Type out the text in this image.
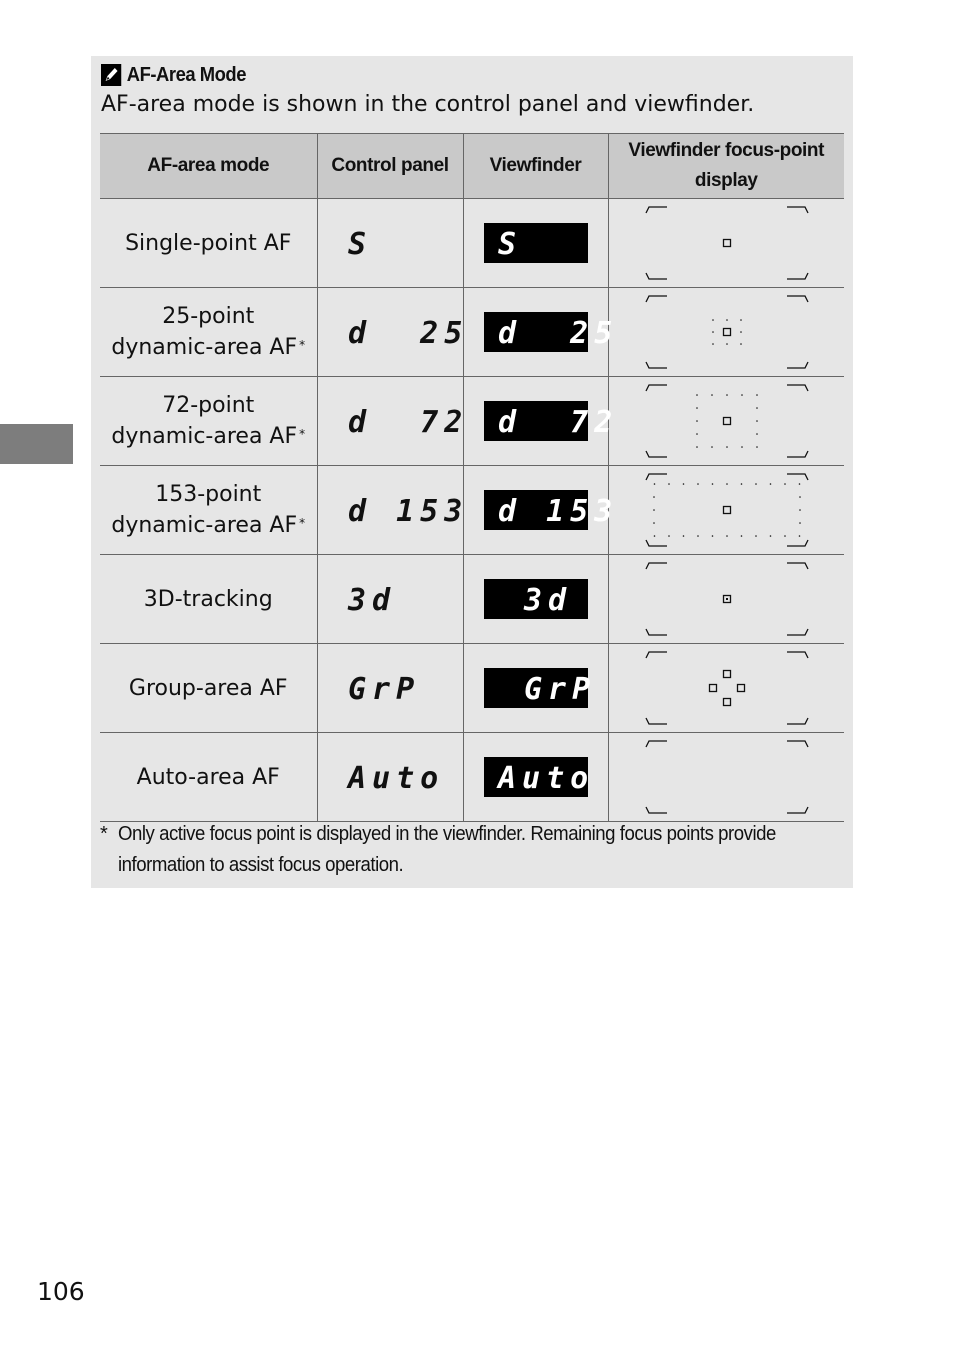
AF-Area Mode
AF-area mode is shown in the control panel and viewfinder.
AF-area mode	Control panel	Viewfinder	Viewfinder focus-point
display
Single-point AF	S	S

25-point
dynamic-area AF *	d  25	d  25

72-point
dynamic-area AF *	d  72	d  72

153-point
dynamic-area AF *	d 153	d 153

3D-tracking	3d	3d

Group-area AF	GrP	GrP

Auto-area AF	Auto	Auto

* Only active focus point is displayed in the viewfinder. Remaining focus points provide information to assist focus operation.
106
